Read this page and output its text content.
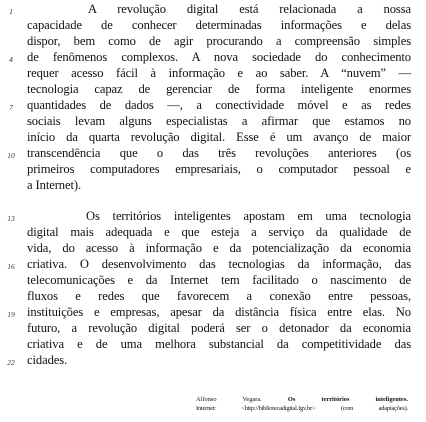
1
4
7
10
13
16
19
22
A revolução digital está relacionada a nossa
capacidade de conhecer determinadas informações e delas
dispor, bem como de agir procurando a compreensão simples
de fenômenos complexos. A nova sociedade do conhecimento
requer acesso fácil à informação e ao saber. A “nuvem” —
tecnologia capaz de gerenciar de forma inteligente enormes
quantidades de dados —, a conectividade móvel e as redes
sociais levam alguns especialistas a afirmar que estamos no
início da quarta revolução digital. Esse é um avanço de maior
transcendência que o das três revoluções anteriores (os
primeiros computadores empresariais, o computador pessoal e
a Internet).
Os territórios inteligentes apostam em uma tecnologia
digital mais adequada e que esteja a serviço da qualidade de
vida, do acesso à informação e da potencialização da economia
criativa. O desenvolvimento das tecnologias da informação, das
telecomunicações e da Internet tem facilitado o nascimento de
fluxos e redes que favorecem a conexão entre pessoas,
instituições e empresas, apesar da distância física entre elas. No
futuro, a revolução digital poderá ser o detonador da economia
criativa e de uma melhora substancial da competitividade das
cidades.
Alfonso Vegara.	Os territórios inteligentes.
Internet: <http://bibliotecadigital.fgv.br> (com adaptações).
